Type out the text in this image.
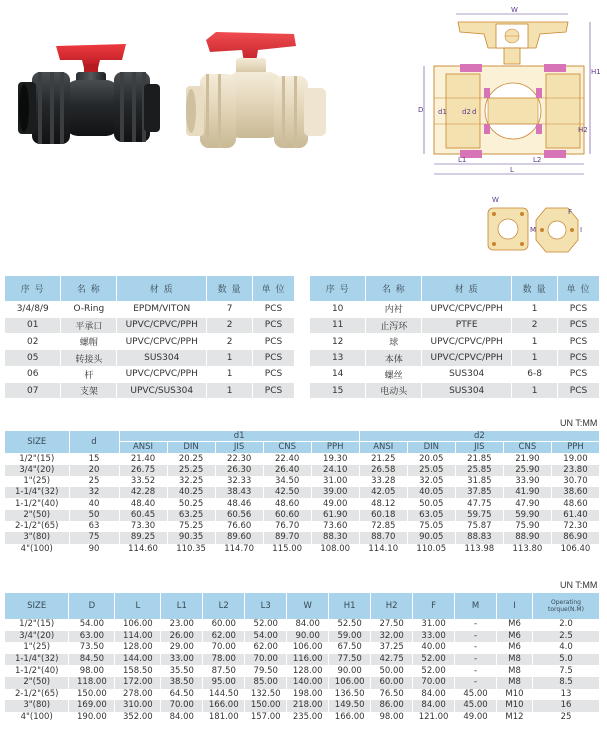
W
D d1 d2 d
H1
H2
L1	L2
L
W
M
F
I
序 号	名 称	材 质	数 量	单 位
3/4/8/9	O-Ring	EPDM/VITON	7	PCS
01	平承口	UPVC/CPVC/PPH	2	PCS
02	螺帽	UPVC/CPVC/PPH	2	PCS
05	转接头	SUS304	1	PCS
06	杆	UPVC/CPVC/PPH	1	PCS
07	支架	UPVC/SUS304	1	PCS
序 号	名 称	材 质	数 量	单 位
10	内衬	UPVC/CPVC/PPH	1	PCS
11	止泻环	PTFE	2	PCS
12	球	UPVC/CPVC/PPH	1	PCS
13	本体	UPVC/CPVC/PPH	1	PCS
14	螺丝	SUS304	6-8	PCS
15	电动头	SUS304	1	PCS
UN T:MM
SIZE	d	d1					d2				
		ANSI	DIN	JIS	CNS	PPH	ANSI	DIN	JIS	CNS	PPH
1/2"(15)	15	21.40	20.25	22.30	22.40	19.30	21.25	20.05	21.85	21.90	19.00
3/4"(20)	20	26.75	25.25	26.30	26.40	24.10	26.58	25.05	25.85	25.90	23.80
1"(25)	25	33.52	32.25	32.33	34.50	31.00	33.28	32.05	31.85	33.90	30.70
1-1/4"(32)	32	42.28	40.25	38.43	42.50	39.00	42.05	40.05	37.85	41.90	38.60
1-1/2"(40)	40	48.40	50.25	48.46	48.60	49.00	48.12	50.05	47.75	47.90	48.60
2"(50)	50	60.45	63.25	60.56	60.60	61.90	60.18	63.05	59.75	59.90	61.40
2-1/2"(65)	63	73.30	75.25	76.60	76.70	73.60	72.85	75.05	75.87	75.90	72.30
3"(80)	75	89.25	90.35	89.60	89.70	88.30	88.70	90.05	88.83	88.90	86.90
4"(100)	90	114.60	110.35	114.70	115.00	108.00	114.10	110.05	113.98	113.80	106.40
UN T:MM
SIZE	D	L	L1	L2	L3	W	H1	H2	F	M	I	Operating torque(N.M)
1/2"(15)	54.00	106.00	23.00	60.00	52.00	84.00	52.50	27.50	31.00	-	M6	2.0
3/4"(20)	63.00	114.00	26.00	62.00	54.00	90.00	59.00	32.00	33.00	-	M6	2.5
1"(25)	73.50	128.00	29.00	70.00	62.00	106.00	67.50	37.25	40.00	-	M6	4.0
1-1/4"(32)	84.50	144.00	33.00	78.00	70.00	116.00	77.50	42.75	52.00	-	M8	5.0
1-1/2"(40)	98.00	158.50	35.50	87.50	79.50	128.00	90.00	50.00	52.00	-	M8	7.5
2"(50)	118.00	172.00	38.50	95.00	85.00	140.00	106.00	60.00	70.00	-	M8	8.5
2-1/2"(65)	150.00	278.00	64.50	144.50	132.50	198.00	136.50	76.50	84.00	45.00	M10	13
3"(80)	169.00	310.00	70.00	166.00	150.00	218.00	149.50	86.00	84.00	45.00	M10	16
4"(100)	190.00	352.00	84.00	181.00	157.00	235.00	166.00	98.00	121.00	49.00	M12	25
